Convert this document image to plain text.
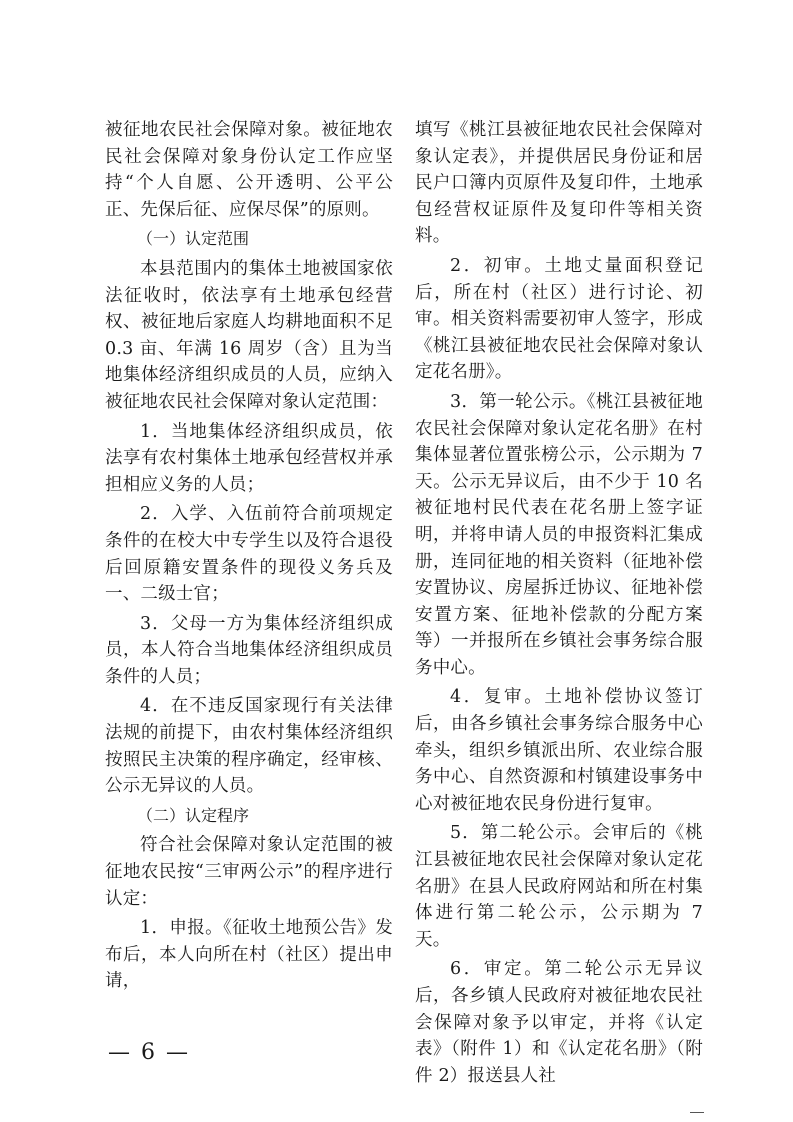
被征地农民社会保障对象。被征地农民社会保障对象身份认定工作应坚持“个人自愿、公开透明、公平公正、先保后征、应保尽保”的原则。

（一）认定范围

本县范围内的集体土地被国家依法征收时，依法享有土地承包经营权、被征地后家庭人均耕地面积不足 0.3 亩、年满 16 周岁（含）且为当地集体经济组织成员的人员，应纳入被征地农民社会保障对象认定范围：

1．当地集体经济组织成员，依法享有农村集体土地承包经营权并承担相应义务的人员；

2．入学、入伍前符合前项规定条件的在校大中专学生以及符合退役后回原籍安置条件的现役义务兵及一、二级士官；

3．父母一方为集体经济组织成员，本人符合当地集体经济组织成员条件的人员；

4．在不违反国家现行有关法律法规的前提下，由农村集体经济组织按照民主决策的程序确定，经审核、公示无异议的人员。

（二）认定程序

符合社会保障对象认定范围的被征地农民按“三审两公示”的程序进行认定：

1．申报。《征收土地预公告》发布后，本人向所在村（社区）提出申请，

填写《桃江县被征地农民社会保障对象认定表》，并提供居民身份证和居民户口簿内页原件及复印件，土地承包经营权证原件及复印件等相关资料。

2．初审。土地丈量面积登记后，所在村（社区）进行讨论、初审。相关资料需要初审人签字，形成《桃江县被征地农民社会保障对象认定花名册》。

3．第一轮公示。《桃江县被征地农民社会保障对象认定花名册》在村集体显著位置张榜公示，公示期为 7 天。公示无异议后，由不少于 10 名被征地村民代表在花名册上签字证明，并将申请人员的申报资料汇集成册，连同征地的相关资料（征地补偿安置协议、房屋拆迁协议、征地补偿安置方案、征地补偿款的分配方案等）一并报所在乡镇社会事务综合服务中心。

4．复审。土地补偿协议签订后，由各乡镇社会事务综合服务中心牵头，组织乡镇派出所、农业综合服务中心、自然资源和村镇建设事务中心对被征地农民身份进行复审。

5．第二轮公示。会审后的《桃江县被征地农民社会保障对象认定花名册》在县人民政府网站和所在村集体进行第二轮公示，公示期为 7 天。

6．审定。第二轮公示无异议后，各乡镇人民政府对被征地农民社会保障对象予以审定，并将《认定表》（附件 1）和《认定花名册》（附件 2）报送县人社

— 6 —
